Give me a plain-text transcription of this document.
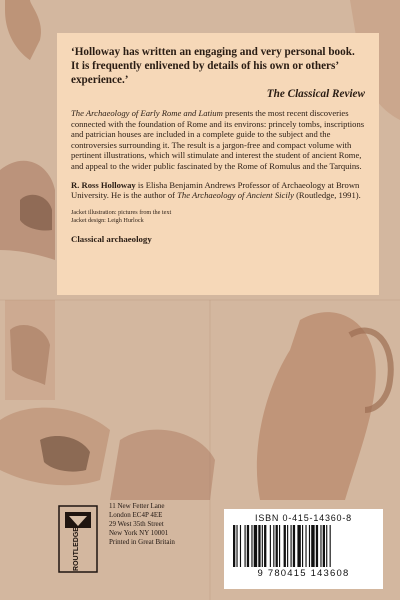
‘Holloway has written an engaging and very personal book. It is frequently enlivened by details of his own or others’ experience.’

The Classical Review

The Archaeology of Early Rome and Latium presents the most recent discoveries connected with the foundation of Rome and its environs: princely tombs, inscriptions and patrician houses are included in a complete guide to the subject and the controversies surrounding it. The result is a jargon-free and compact volume with pertinent illustrations, which will stimulate and interest the student of ancient Rome, and appeal to the wider public fascinated by the Rome of Romulus and the Tarquins.

R. Ross Holloway is Elisha Benjamin Andrews Professor of Archaeology at Brown University. He is the author of The Archaeology of Ancient Sicily (Routledge, 1991).

Jacket illustration: pictures from the text
Jacket design: Leigh Hurlock

Classical archaeology

ROUTLEDGE
11 New Fetter Lane
London EC4P 4EE
29 West 35th Street
New York NY 10001
Printed in Great Britain
ISBN 0-415-14360-8
9 780415 143608
